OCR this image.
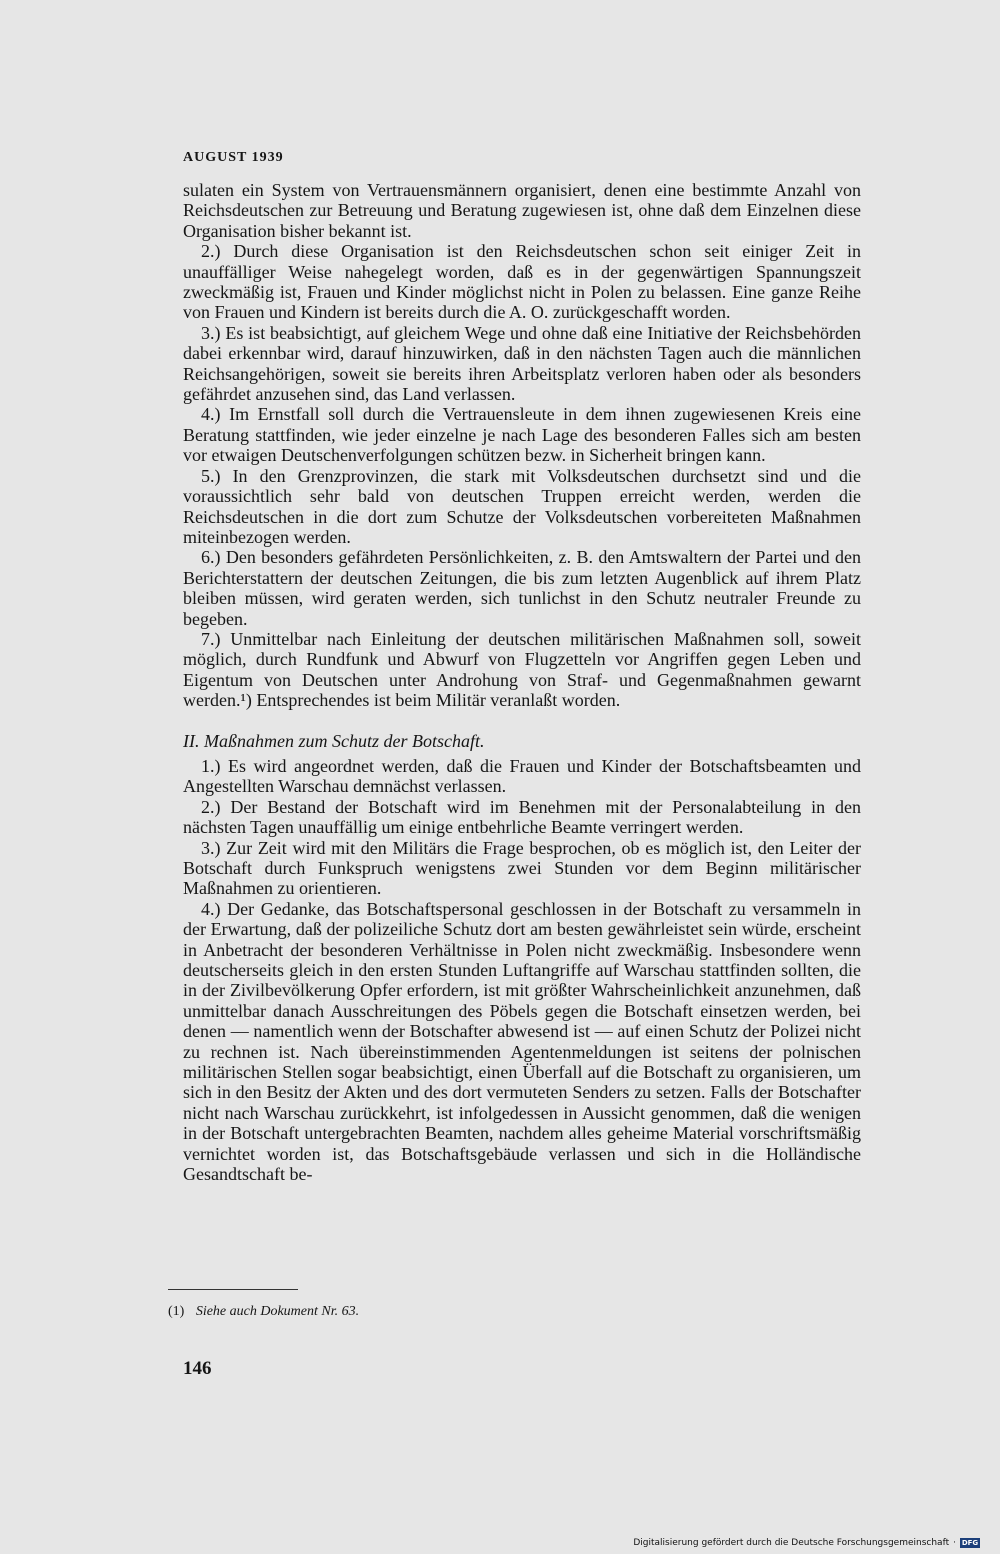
AUGUST 1939

sulaten ein System von Vertrauensmännern organisiert, denen eine bestimmte Anzahl von Reichsdeutschen zur Betreuung und Beratung zugewiesen ist, ohne daß dem Einzelnen diese Organisation bisher bekannt ist.

2.) Durch diese Organisation ist den Reichsdeutschen schon seit einiger Zeit in unauffälliger Weise nahegelegt worden, daß es in der gegenwärtigen Spannungszeit zweckmäßig ist, Frauen und Kinder möglichst nicht in Polen zu belassen. Eine ganze Reihe von Frauen und Kindern ist bereits durch die A. O. zurückgeschafft worden.

3.) Es ist beabsichtigt, auf gleichem Wege und ohne daß eine Initiative der Reichsbehörden dabei erkennbar wird, darauf hinzuwirken, daß in den nächsten Tagen auch die männlichen Reichsangehörigen, soweit sie bereits ihren Arbeitsplatz verloren haben oder als besonders gefährdet anzusehen sind, das Land verlassen.

4.) Im Ernstfall soll durch die Vertrauensleute in dem ihnen zugewiesenen Kreis eine Beratung stattfinden, wie jeder einzelne je nach Lage des besonderen Falles sich am besten vor etwaigen Deutschenverfolgungen schützen bezw. in Sicherheit bringen kann.

5.) In den Grenzprovinzen, die stark mit Volksdeutschen durchsetzt sind und die voraussichtlich sehr bald von deutschen Truppen erreicht werden, werden die Reichsdeutschen in die dort zum Schutze der Volksdeutschen vorbereiteten Maßnahmen miteinbezogen werden.

6.) Den besonders gefährdeten Persönlichkeiten, z. B. den Amtswaltern der Partei und den Berichterstattern der deutschen Zeitungen, die bis zum letzten Augenblick auf ihrem Platz bleiben müssen, wird geraten werden, sich tunlichst in den Schutz neutraler Freunde zu begeben.

7.) Unmittelbar nach Einleitung der deutschen militärischen Maßnahmen soll, soweit möglich, durch Rundfunk und Abwurf von Flugzetteln vor Angriffen gegen Leben und Eigentum von Deutschen unter Androhung von Straf- und Gegenmaßnahmen gewarnt werden.¹) Entsprechendes ist beim Militär veranlaßt worden.

II. Maßnahmen zum Schutz der Botschaft.

1.) Es wird angeordnet werden, daß die Frauen und Kinder der Botschaftsbeamten und Angestellten Warschau demnächst verlassen.

2.) Der Bestand der Botschaft wird im Benehmen mit der Personalabteilung in den nächsten Tagen unauffällig um einige entbehrliche Beamte verringert werden.

3.) Zur Zeit wird mit den Militärs die Frage besprochen, ob es möglich ist, den Leiter der Botschaft durch Funkspruch wenigstens zwei Stunden vor dem Beginn militärischer Maßnahmen zu orientieren.

4.) Der Gedanke, das Botschaftspersonal geschlossen in der Botschaft zu versammeln in der Erwartung, daß der polizeiliche Schutz dort am besten gewährleistet sein würde, erscheint in Anbetracht der besonderen Verhältnisse in Polen nicht zweckmäßig. Insbesondere wenn deutscherseits gleich in den ersten Stunden Luftangriffe auf Warschau stattfinden sollten, die in der Zivilbevölkerung Opfer erfordern, ist mit größter Wahrscheinlichkeit anzunehmen, daß unmittelbar danach Ausschreitungen des Pöbels gegen die Botschaft einsetzen werden, bei denen — namentlich wenn der Botschafter abwesend ist — auf einen Schutz der Polizei nicht zu rechnen ist. Nach übereinstimmenden Agentenmeldungen ist seitens der polnischen militärischen Stellen sogar beabsichtigt, einen Überfall auf die Botschaft zu organisieren, um sich in den Besitz der Akten und des dort vermuteten Senders zu setzen. Falls der Botschafter nicht nach Warschau zurückkehrt, ist infolgedessen in Aussicht genommen, daß die wenigen in der Botschaft untergebrachten Beamten, nachdem alles geheime Material vorschriftsmäßig vernichtet worden ist, das Botschaftsgebäude verlassen und sich in die Holländische Gesandtschaft be-

(1) Siehe auch Dokument Nr. 63.
146
Digitalisierung gefördert durch die Deutsche Forschungsgemeinschaft · DFG
